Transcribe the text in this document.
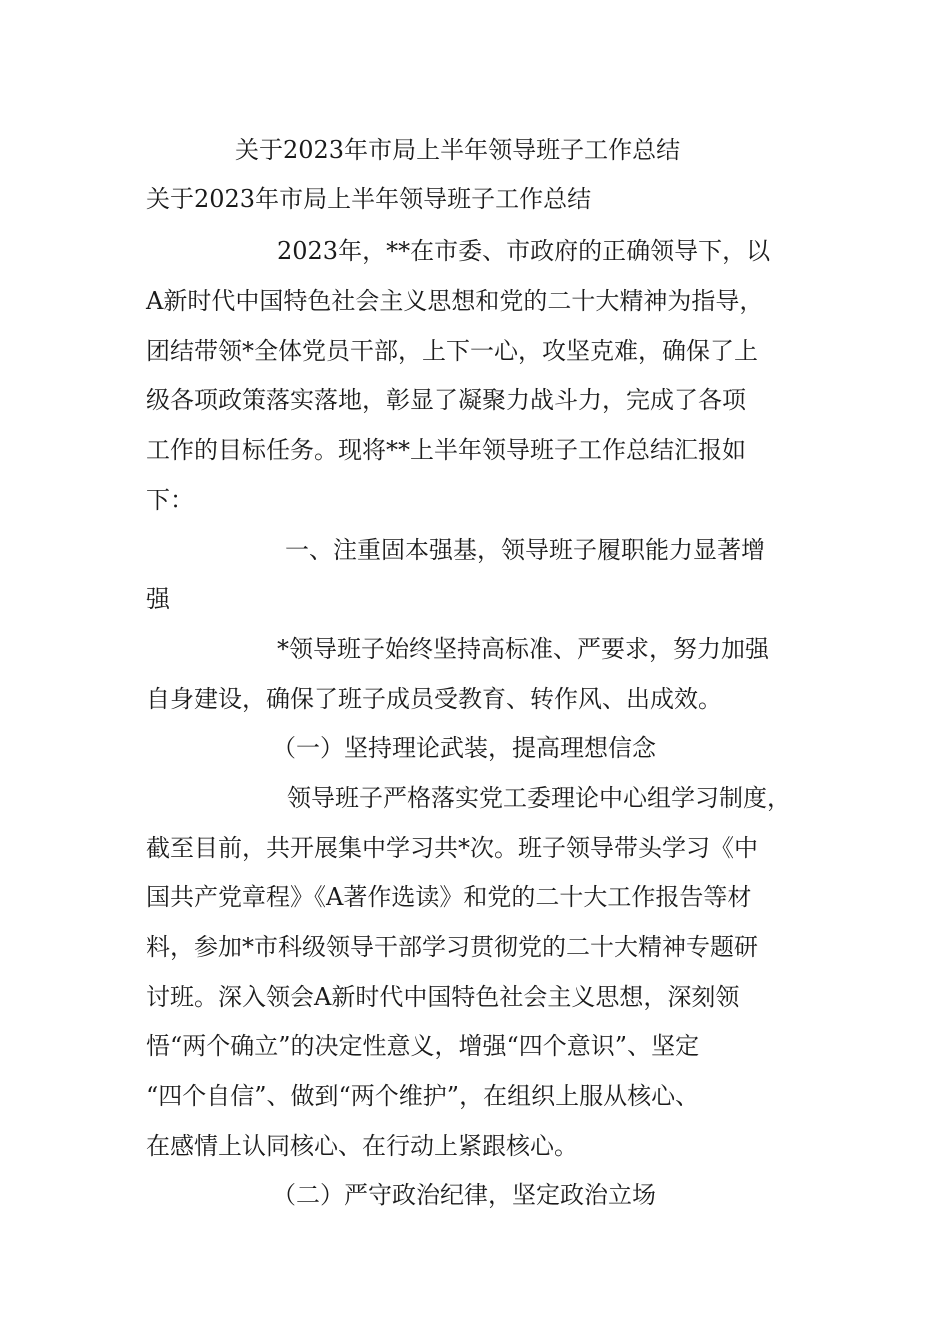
关于2023年市局上半年领导班子工作总结

关于2023年市局上半年领导班子工作总结

2023年，**在市委、市政府的正确领导下，以

A新时代中国特色社会主义思想和党的二十大精神为指导，

团结带领*全体党员干部，上下一心，攻坚克难，确保了上

级各项政策落实落地，彰显了凝聚力战斗力，完成了各项

工作的目标任务。现将**上半年领导班子工作总结汇报如

下：

一、注重固本强基，领导班子履职能力显著增

强

*领导班子始终坚持高标准、严要求，努力加强

自身建设，确保了班子成员受教育、转作风、出成效。

（一）坚持理论武装，提高理想信念

领导班子严格落实党工委理论中心组学习制度，

截至目前，共开展集中学习共*次。班子领导带头学习《中

国共产党章程》《A著作选读》和党的二十大工作报告等材

料，参加*市科级领导干部学习贯彻党的二十大精神专题研

讨班。深入领会A新时代中国特色社会主义思想，深刻领

悟“两个确立”的决定性意义，增强“四个意识”、坚定

“四个自信”、做到“两个维护”，在组织上服从核心、

在感情上认同核心、在行动上紧跟核心。

（二）严守政治纪律，坚定政治立场
